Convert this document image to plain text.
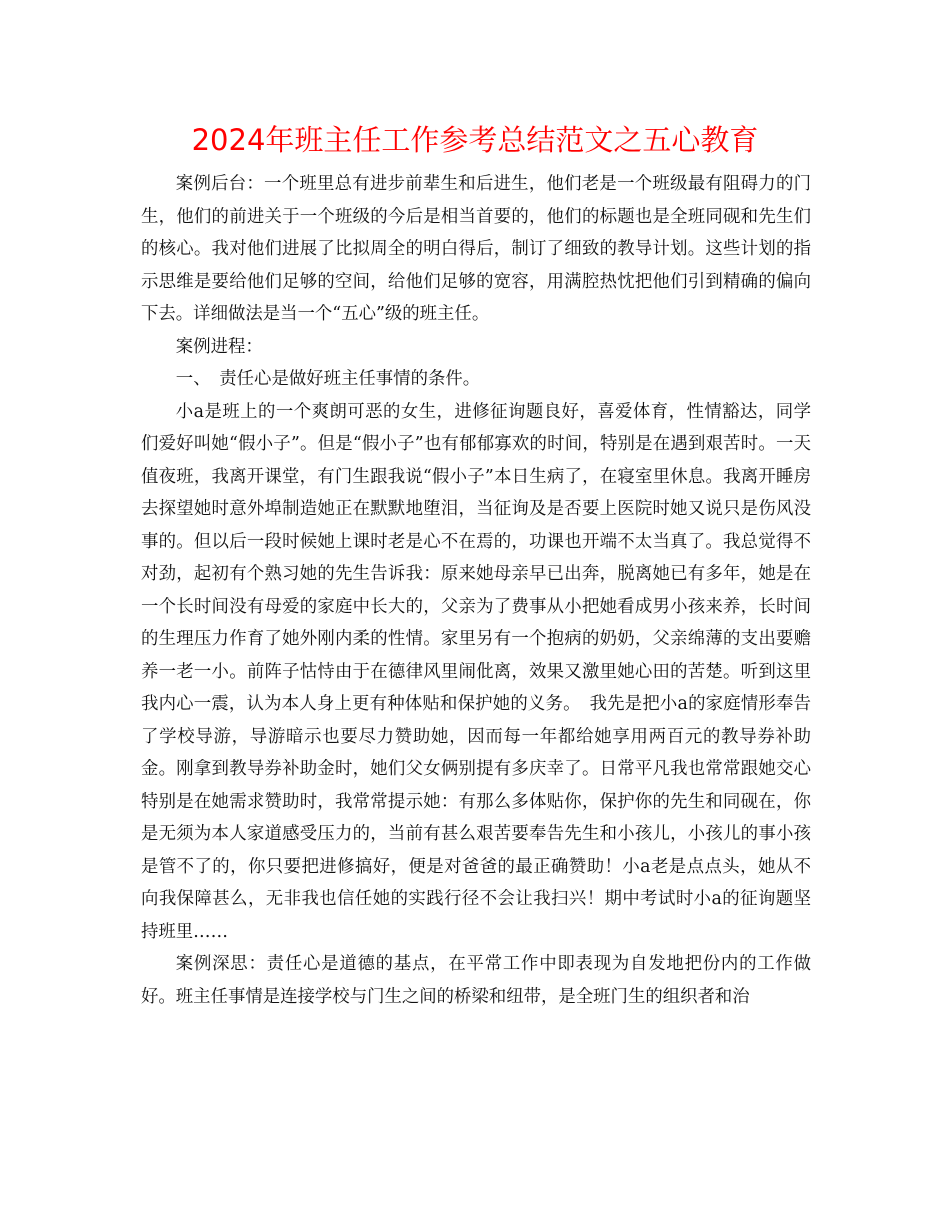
2024年班主任工作参考总结范文之五心教育

案例后台：一个班里总有进步前辈生和后进生，他们老是一个班级最有阻碍力的门生，他们的前进关于一个班级的今后是相当首要的，他们的标题也是全班同砚和先生们的核心。我对他们进展了比拟周全的明白得后，制订了细致的教导计划。这些计划的指示思维是要给他们足够的空间，给他们足够的宽容，用满腔热忱把他们引到精确的偏向下去。详细做法是当一个“五心”级的班主任。

案例进程：

一、　责任心是做好班主任事情的条件。

小a是班上的一个爽朗可恶的女生，进修征询题良好，喜爱体育，性情豁达，同学们爱好叫她“假小子”。但是“假小子”也有郁郁寡欢的时间，特别是在遇到艰苦时。一天值夜班，我离开课堂，有门生跟我说“假小子”本日生病了，在寝室里休息。我离开睡房去探望她时意外埠制造她正在默默地堕泪，当征询及是否要上医院时她又说只是伤风没事的。但以后一段时候她上课时老是心不在焉的，功课也开端不太当真了。我总觉得不对劲，起初有个熟习她的先生告诉我：原来她母亲早已出奔，脱离她已有多年，她是在一个长时间没有母爱的家庭中长大的，父亲为了费事从小把她看成男小孩来养，长时间的生理压力作育了她外刚内柔的性情。家里另有一个抱病的奶奶，父亲绵薄的支出要赡养一老一小。前阵子怙恃由于在德律风里闹仳离，效果又激里她心田的苦楚。听到这里我内心一震，认为本人身上更有种体贴和保护她的义务。　我先是把小a的家庭情形奉告了学校导游，导游暗示也要尽力赞助她，因而每一年都给她享用两百元的教导券补助金。刚拿到教导券补助金时，她们父女俩别提有多庆幸了。日常平凡我也常常跟她交心特别是在她需求赞助时，我常常提示她：有那么多体贴你，保护你的先生和同砚在，你是无须为本人家道感受压力的，当前有甚么艰苦要奉告先生和小孩儿，小孩儿的事小孩是管不了的，你只要把进修搞好，便是对爸爸的最正确赞助！小a老是点点头，她从不向我保障甚么，无非我也信任她的实践行径不会让我扫兴！期中考试时小a的征询题坚持班里……

案例深思：责任心是道德的基点，在平常工作中即表现为自发地把份内的工作做好。班主任事情是连接学校与门生之间的桥梁和纽带，是全班门生的组织者和治
